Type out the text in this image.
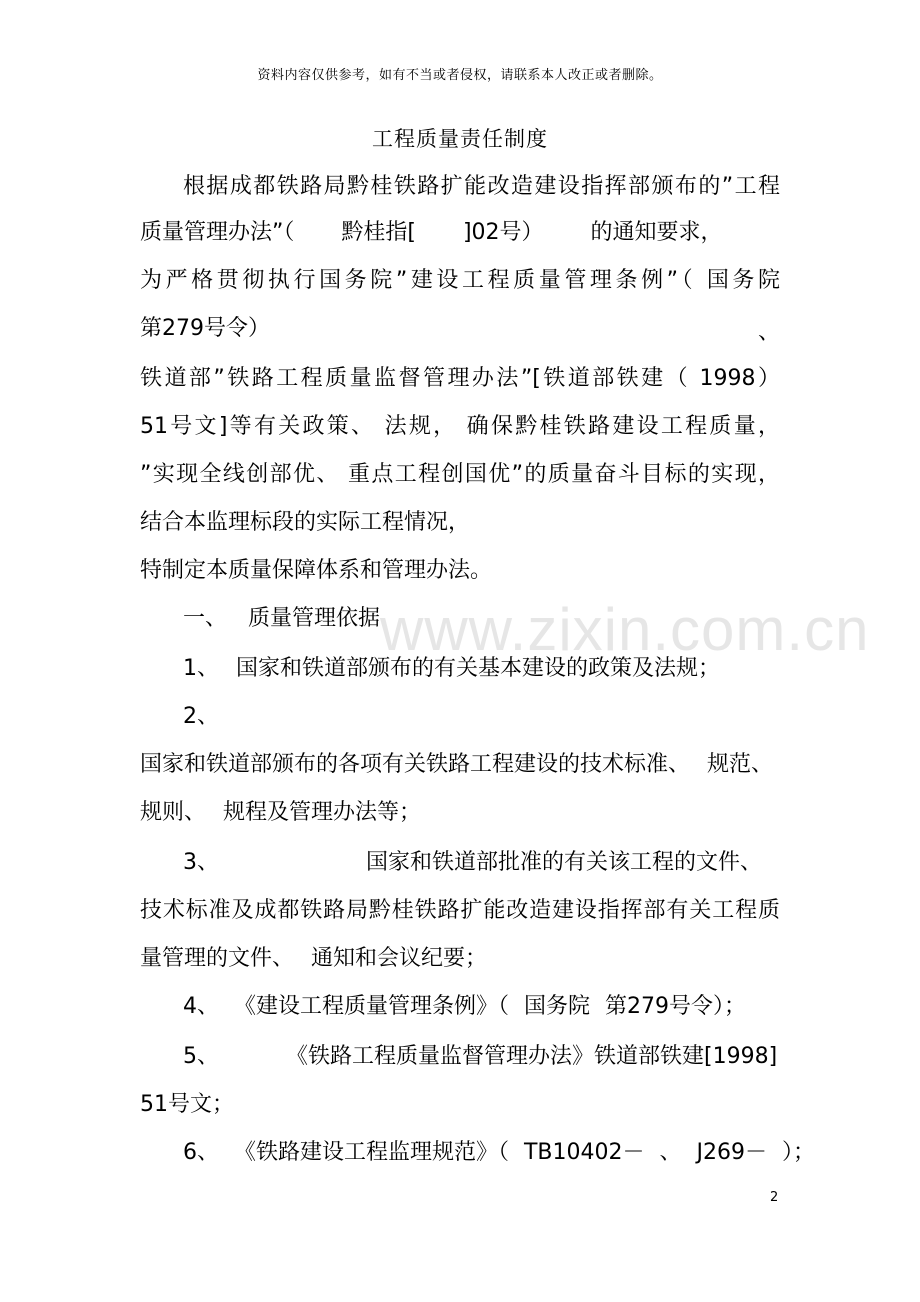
www.zixin.com.cn
资料内容仅供参考，如有不当或者侵权，请联系本人改正或者删除。
工程质量责任制度
根据成都铁路局黔桂铁路扩能改造建设指挥部颁布的”工程
质量管理办法”（ 黔桂指[ ]02号） 的通知要求，
为严格贯彻执行国务院”建设工程质量管理条例”（ 国务院
第279号令）	、
铁道部”铁路工程质量监督管理办法”[铁道部铁建（ 1998）
51号文]等有关政策、 法规， 确保黔桂铁路建设工程质量，
”实现全线创部优、 重点工程创国优”的质量奋斗目标的实现，
结合本监理标段的实际工程情况，
特制定本质量保障体系和管理办法。
一、 质量管理依据
1、 国家和铁道部颁布的有关基本建设的政策及法规；
2、
国家和铁道部颁布的各项有关铁路工程建设的技术标准、 规范、
规则、 规程及管理办法等；
3、 国家和铁道部批准的有关该工程的文件、
技术标准及成都铁路局黔桂铁路扩能改造建设指挥部有关工程质
量管理的文件、 通知和会议纪要；
4、 《建设工程质量管理条例》（ 国务院 第279号令）；
5、 《铁路工程质量监督管理办法》铁道部铁建[1998]
51号文；
6、 《铁路建设工程监理规范》（ TB10402－ 、 J269－ ）；
2
